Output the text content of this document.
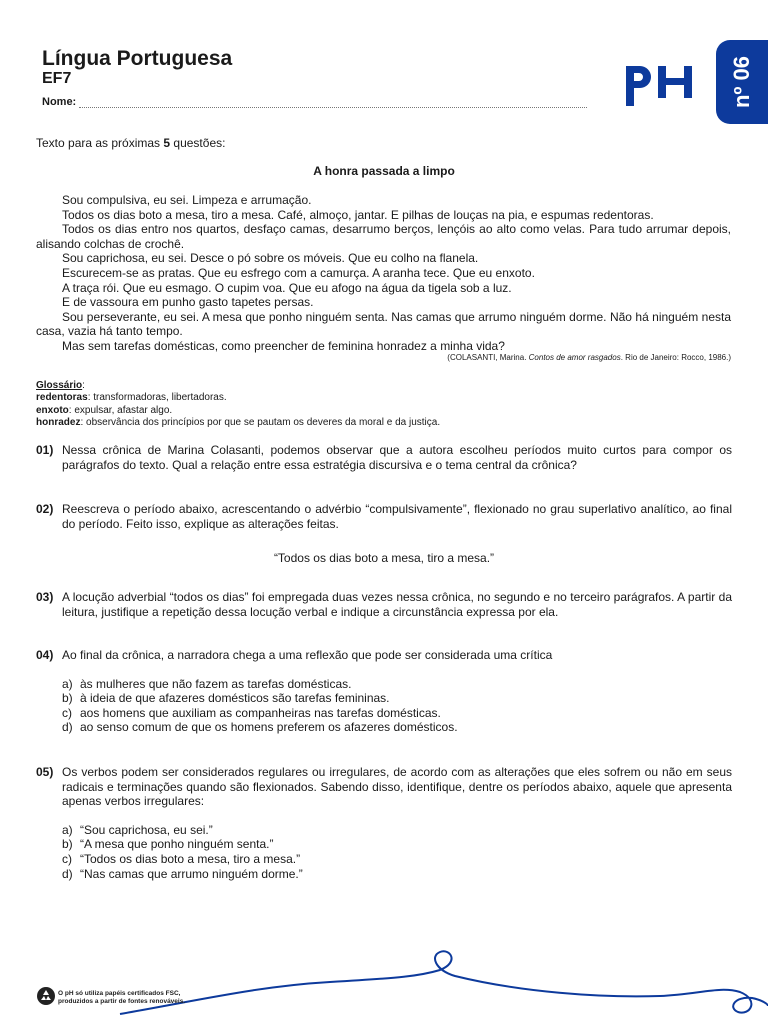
Língua Portuguesa
EF7
Nome:	nº 06
Texto para as próximas 5 questões:
A honra passada a limpo

Sou compulsiva, eu sei. Limpeza e arrumação.

Todos os dias boto a mesa, tiro a mesa. Café, almoço, jantar. E pilhas de louças na pia, e espumas redentoras.

Todos os dias entro nos quartos, desfaço camas, desarrumo berços, lençóis ao alto como velas. Para tudo arrumar depois, alisando colchas de crochê.

Sou caprichosa, eu sei. Desce o pó sobre os móveis. Que eu colho na flanela.

Escurecem-se as pratas. Que eu esfrego com a camurça. A aranha tece. Que eu enxoto.

A traça rói. Que eu esmago. O cupim voa. Que eu afogo na água da tigela sob a luz.

E de vassoura em punho gasto tapetes persas.

Sou perseverante, eu sei. A mesa que ponho ninguém senta. Nas camas que arrumo ninguém dorme. Não há ninguém nesta casa, vazia há tanto tempo.

Mas sem tarefas domésticas, como preencher de feminina honradez a minha vida?

(COLASANTI, Marina. Contos de amor rasgados. Rio de Janeiro: Rocco, 1986.)
Glossário:
redentoras: transformadoras, libertadoras.
enxoto: expulsar, afastar algo.
honradez: observância dos princípios por que se pautam os deveres da moral e da justiça.
01) Nessa crônica de Marina Colasanti, podemos observar que a autora escolheu períodos muito curtos para compor os parágrafos do texto. Qual a relação entre essa estratégia discursiva e o tema central da crônica?
02) Reescreva o período abaixo, acrescentando o advérbio “compulsivamente”, flexionado no grau superlativo analítico, ao final do período. Feito isso, explique as alterações feitas.
“Todos os dias boto a mesa, tiro a mesa.”
03) A locução adverbial “todos os dias” foi empregada duas vezes nessa crônica, no segundo e no terceiro parágrafos. A partir da leitura, justifique a repetição dessa locução verbal e indique a circunstância expressa por ela.
04) Ao final da crônica, a narradora chega a uma reflexão que pode ser considerada uma crítica
a) às mulheres que não fazem as tarefas domésticas.
b) à ideia de que afazeres domésticos são tarefas femininas.
c) aos homens que auxiliam as companheiras nas tarefas domésticas.
d) ao senso comum de que os homens preferem os afazeres domésticos.
05) Os verbos podem ser considerados regulares ou irregulares, de acordo com as alterações que eles sofrem ou não em seus radicais e terminações quando são flexionados. Sabendo disso, identifique, dentre os períodos abaixo, aquele que apresenta apenas verbos irregulares:
a) “Sou caprichosa, eu sei.”
b) “A mesa que ponho ninguém senta.”
c) “Todos os dias boto a mesa, tiro a mesa.”
d) “Nas camas que arrumo ninguém dorme.”
O pH só utiliza papéis certificados FSC,
produzidos a partir de fontes renováveis.
